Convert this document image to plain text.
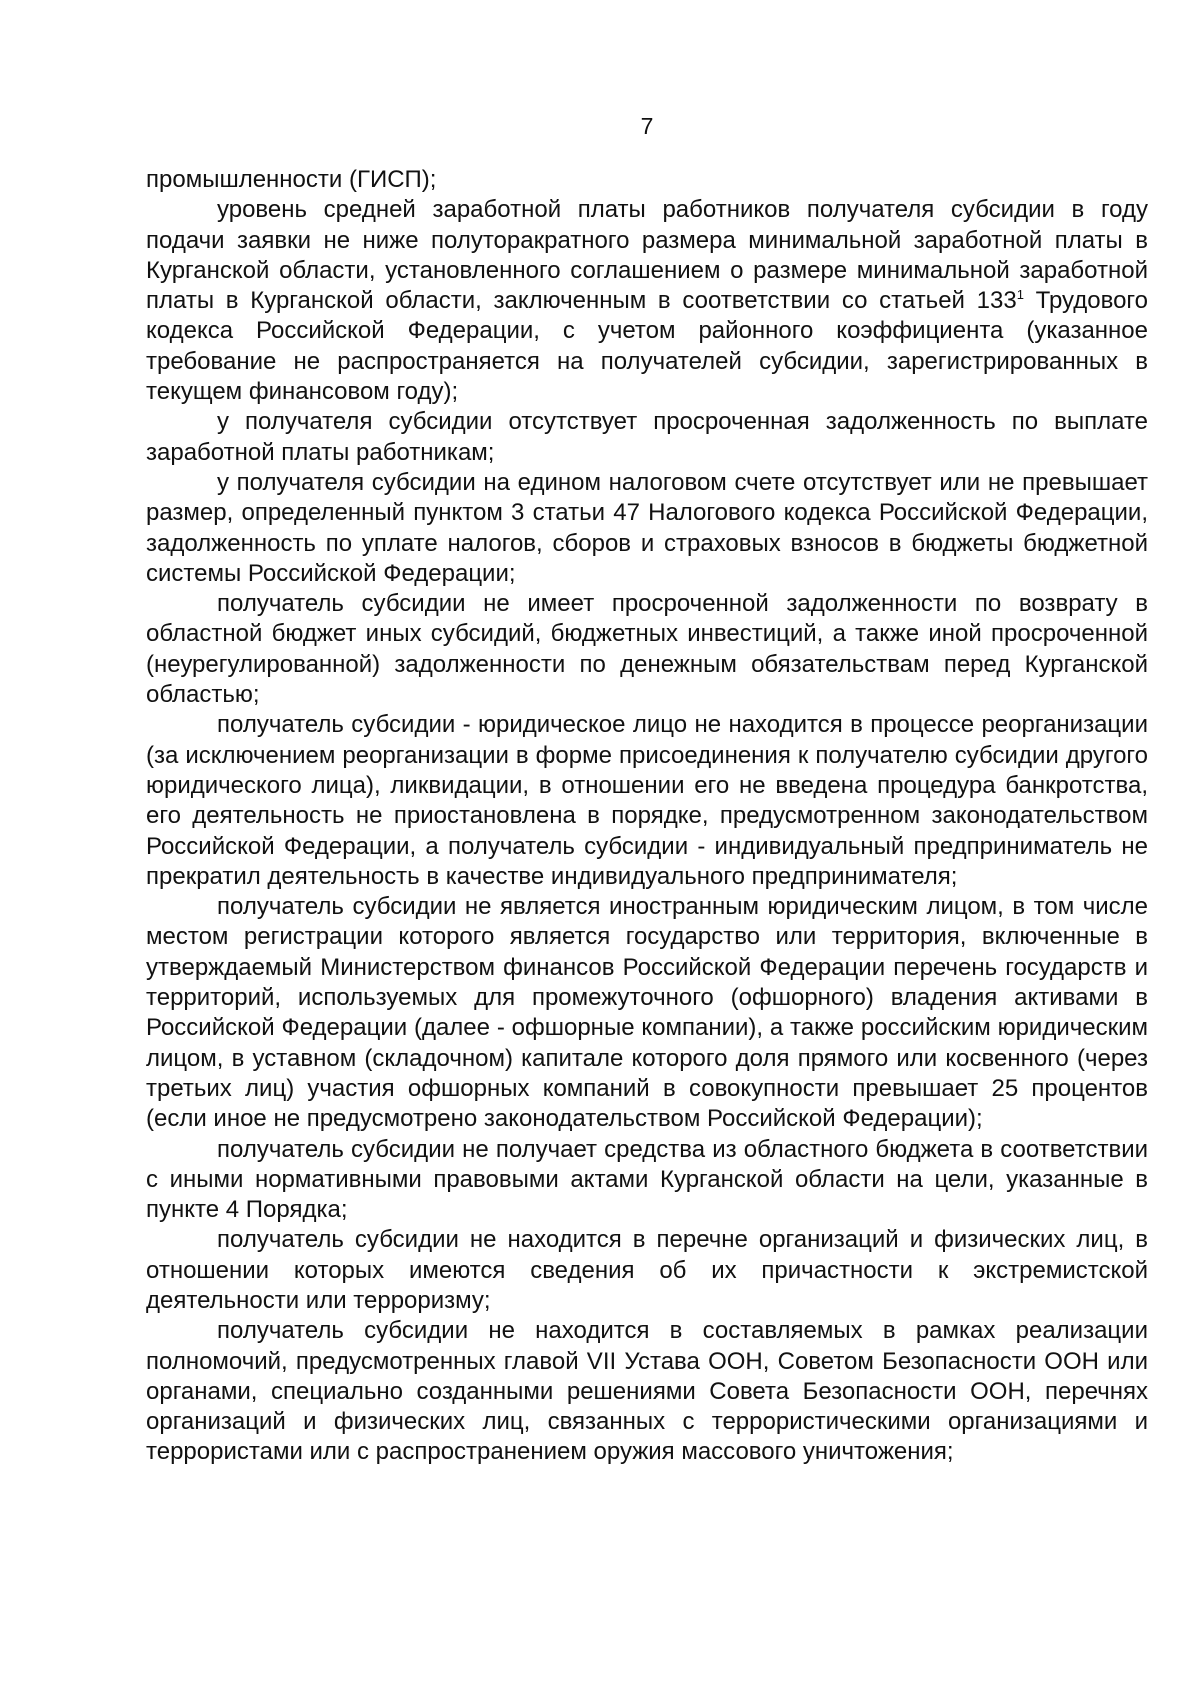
7

промышленности (ГИСП);

уровень средней заработной платы работников получателя субсидии в году подачи заявки не ниже полуторакратного размера минимальной заработной платы в Курганской области, установленного соглашением о размере минимальной заработной платы в Курганской области, заключенным в соответствии со статьей $133^1$ Трудового кодекса Российской Федерации, с учетом районного коэффициента (указанное требование не распространяется на получателей субсидии, зарегистрированных в текущем финансовом году);

у получателя субсидии отсутствует просроченная задолженность по выплате заработной платы работникам;

у получателя субсидии на едином налоговом счете отсутствует или не превышает размер, определенный пунктом 3 статьи 47 Налогового кодекса Российской Федерации, задолженность по уплате налогов, сборов и страховых взносов в бюджеты бюджетной системы Российской Федерации;

получатель субсидии не имеет просроченной задолженности по возврату в областной бюджет иных субсидий, бюджетных инвестиций, а также иной просроченной (неурегулированной) задолженности по денежным обязательствам перед Курганской областью;

получатель субсидии - юридическое лицо не находится в процессе реорганизации (за исключением реорганизации в форме присоединения к получателю субсидии другого юридического лица), ликвидации, в отношении его не введена процедура банкротства, его деятельность не приостановлена в порядке, предусмотренном законодательством Российской Федерации, а получатель субсидии - индивидуальный предприниматель не прекратил деятельность в качестве индивидуального предпринимателя;

получатель субсидии не является иностранным юридическим лицом, в том числе местом регистрации которого является государство или территория, включенные в утверждаемый Министерством финансов Российской Федерации перечень государств и территорий, используемых для промежуточного (офшорного) владения активами в Российской Федерации (далее - офшорные компании), а также российским юридическим лицом, в уставном (складочном) капитале которого доля прямого или косвенного (через третьих лиц) участия офшорных компаний в совокупности превышает 25 процентов (если иное не предусмотрено законодательством Российской Федерации);

получатель субсидии не получает средства из областного бюджета в соответствии с иными нормативными правовыми актами Курганской области на цели, указанные в пункте 4 Порядка;

получатель субсидии не находится в перечне организаций и физических лиц, в отношении которых имеются сведения об их причастности к экстремистской деятельности или терроризму;

получатель субсидии не находится в составляемых в рамках реализации полномочий, предусмотренных главой VII Устава ООН, Советом Безопасности ООН или органами, специально созданными решениями Совета Безопасности ООН, перечнях организаций и физических лиц, связанных с террористическими организациями и террористами или с распространением оружия массового уничтожения;
